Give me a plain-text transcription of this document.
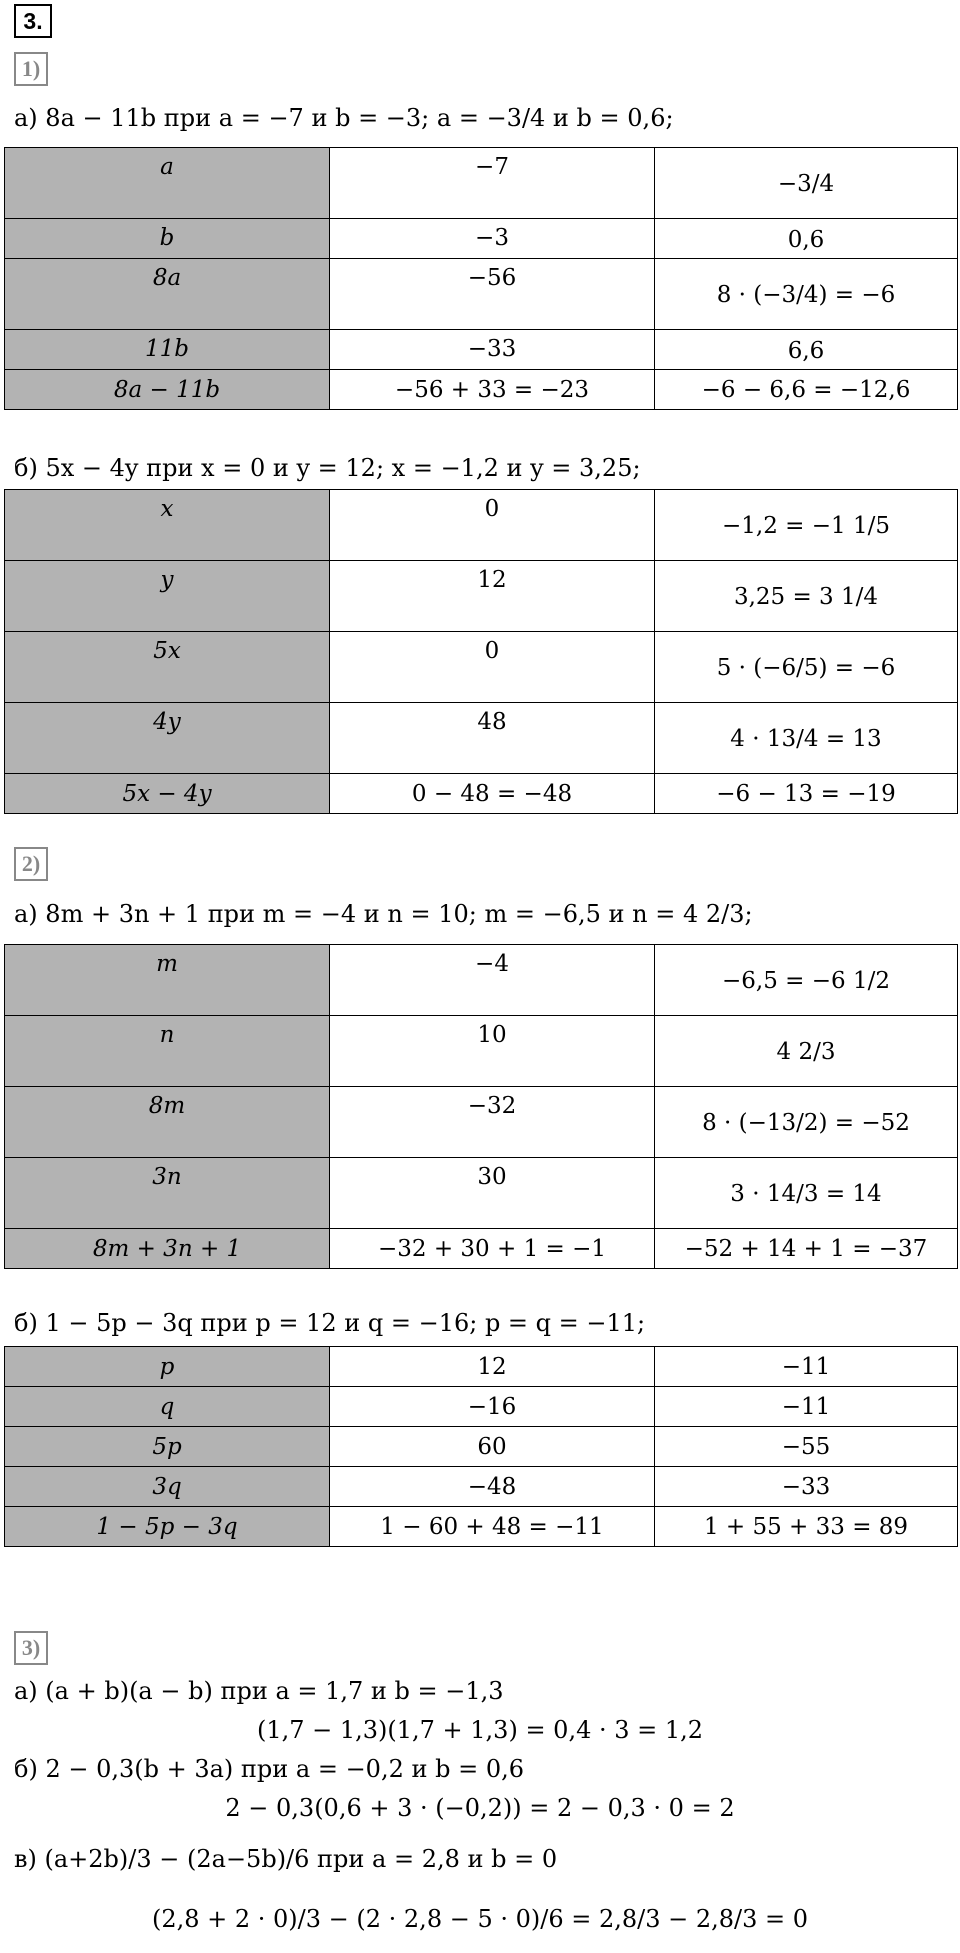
3.
1)
а) 8a − 11b при a = −7 и b = −3; a = −3/4 и b = 0,6;
a	−7	−3/4
b	−3	0,6
8a	−56	8 · (−3/4) = −6
11b	−33	6,6
8a − 11b	−56 + 33 = −23	−6 − 6,6 = −12,6
б) 5x − 4y при x = 0 и y = 12; x = −1,2 и y = 3,25;
x	0	−1,2 = −1 1/5
y	12	3,25 = 3 1/4
5x	0	5 · (−6/5) = −6
4y	48	4 · 13/4 = 13
5x − 4y	0 − 48 = −48	−6 − 13 = −19
2)
а) 8m + 3n + 1 при m = −4 и n = 10; m = −6,5 и n = 4 2/3;
m	−4	−6,5 = −6 1/2
n	10	4 2/3
8m	−32	8 · (−13/2) = −52
3n	30	3 · 14/3 = 14
8m + 3n + 1	−32 + 30 + 1 = −1	−52 + 14 + 1 = −37
б) 1 − 5p − 3q при p = 12 и q = −16; p = q = −11;
p	12	−11
q	−16	−11
5p	60	−55
3q	−48	−33
1 − 5p − 3q	1 − 60 + 48 = −11	1 + 55 + 33 = 89
3)
а) (a + b)(a − b) при a = 1,7 и b = −1,3
(1,7 − 1,3)(1,7 + 1,3) = 0,4 · 3 = 1,2
б) 2 − 0,3(b + 3a) при a = −0,2 и b = 0,6
2 − 0,3(0,6 + 3 · (−0,2)) = 2 − 0,3 · 0 = 2
в) (a+2b)/3 − (2a−5b)/6 при a = 2,8 и b = 0
(2,8 + 2 · 0)/3 − (2 · 2,8 − 5 · 0)/6 = 2,8/3 − 2,8/3 = 0
